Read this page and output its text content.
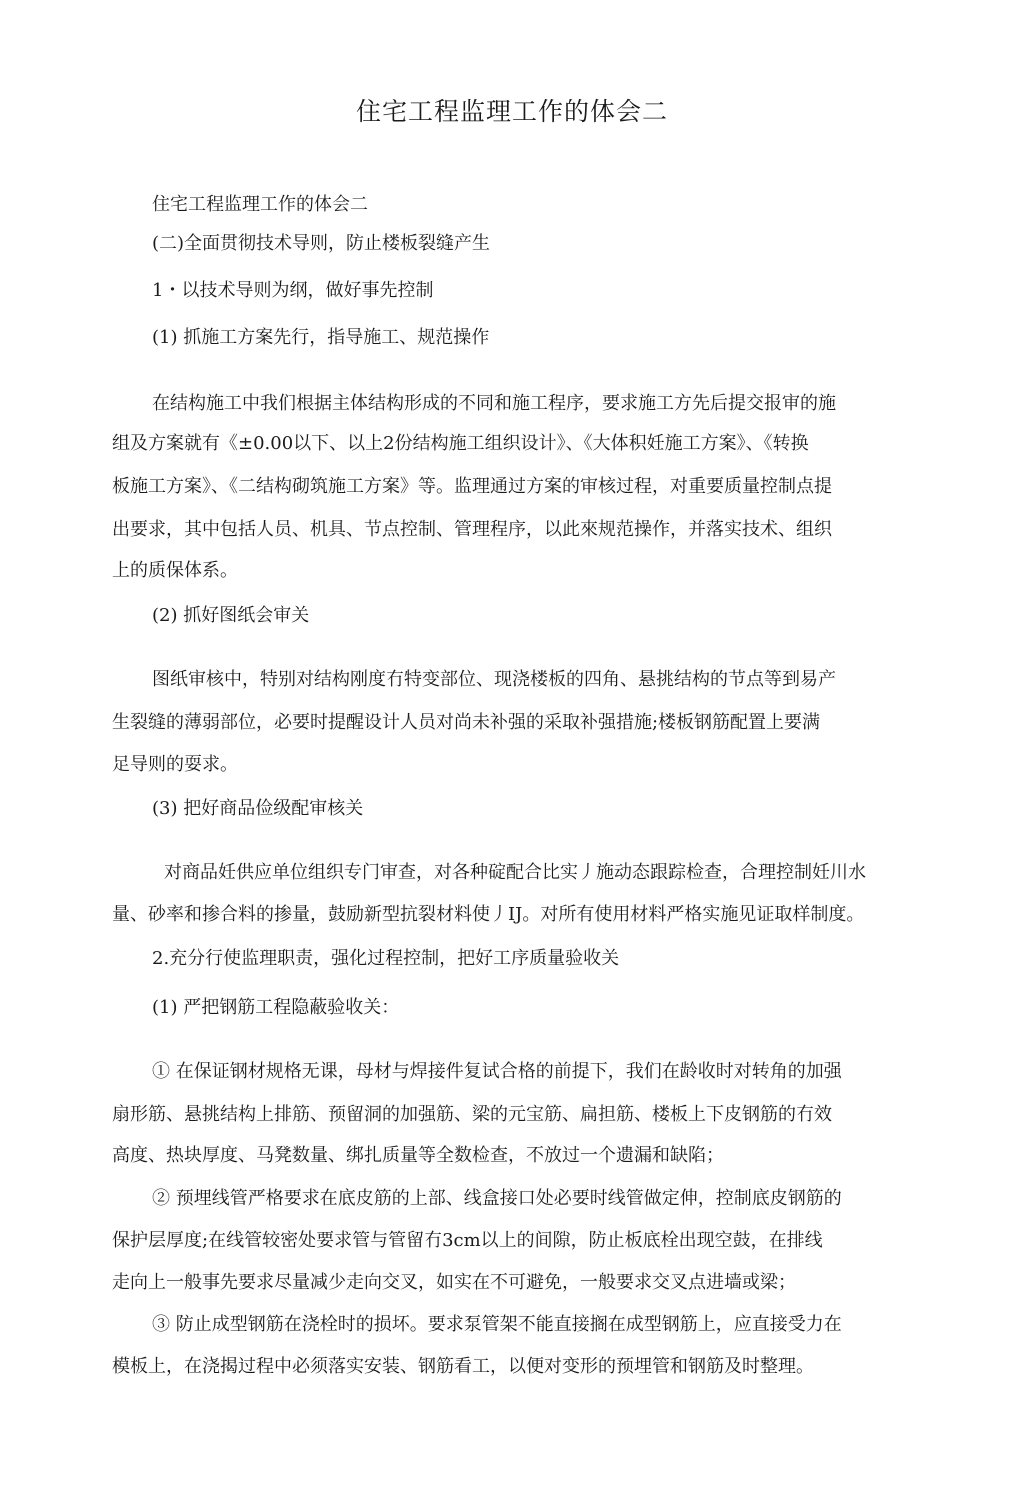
住宅工程监理工作的体会二
住宅工程监理工作的体会二
(二)全面贯彻技术导则，防止楼板裂缝产生
1・以技术导则为纲，做好事先控制
(1) 抓施工方案先行，指导施工、规范操作
在结构施工中我们根据主体结构形成的不同和施工程序，要求施工方先后提交报审的施
组及方案就有《±0.00以下、以上2份结构施工组织设计》、《大体积妊施工方案》、《转换
板施工方案》、《二结构砌筑施工方案》等。监理通过方案的审核过程，对重要质量控制点提
出要求，其中包括人员、机具、节点控制、管理程序，以此來规范操作，并落实技术、组织
上的质保体系。
(2) 抓好图纸会审关
图纸审核中，特别对结构刚度冇特变部位、现浇楼板的四角、悬挑结构的节点等到易产
生裂缝的薄弱部位，必要时提醒设计人员对尚未补强的采取补强措施;楼板钢筋配置上要满
足导则的耍求。
(3) 把好商品俭级配审核关
对商品妊供应单位组织专门审查，对各种碇配合比实丿施动态跟踪检查，合理控制妊川水
量、砂率和掺合料的掺量，鼓励新型抗裂材料使丿IJ。对所有使用材料严格实施见证取样制度。
2.充分行使监理职责，强化过程控制，把好工序质量验收关
(1) 严把钢筋工程隐蔽验收关：
① 在保证钢材规格无课，母材与焊接件复试合格的前提下，我们在龄收时对转角的加强
扇形筋、悬挑结构上排筋、预留洞的加强筋、梁的元宝筋、扁担筋、楼板上下皮钢筋的冇效
高度、热块厚度、马凳数量、绑扎质量等全数检查，不放过一个遗漏和缺陷；
② 预埋线管严格要求在底皮筋的上部、线盒接口处必要时线管做定伸，控制底皮钢筋的
保护层厚度;在线管较密处要求管与管留冇3cm以上的间隙，防止板底栓出现空鼓，在排线
走向上一般事先要求尽量减少走向交叉，如实在不可避免，一般要求交叉点进墙或梁；
③ 防止成型钢筋在浇栓时的损坏。要求泵管架不能直接搁在成型钢筋上，应直接受力在
模板上，在浇揭过程中必须落实安装、钢筋看工，以便对变形的预埋管和钢筋及时整理。
